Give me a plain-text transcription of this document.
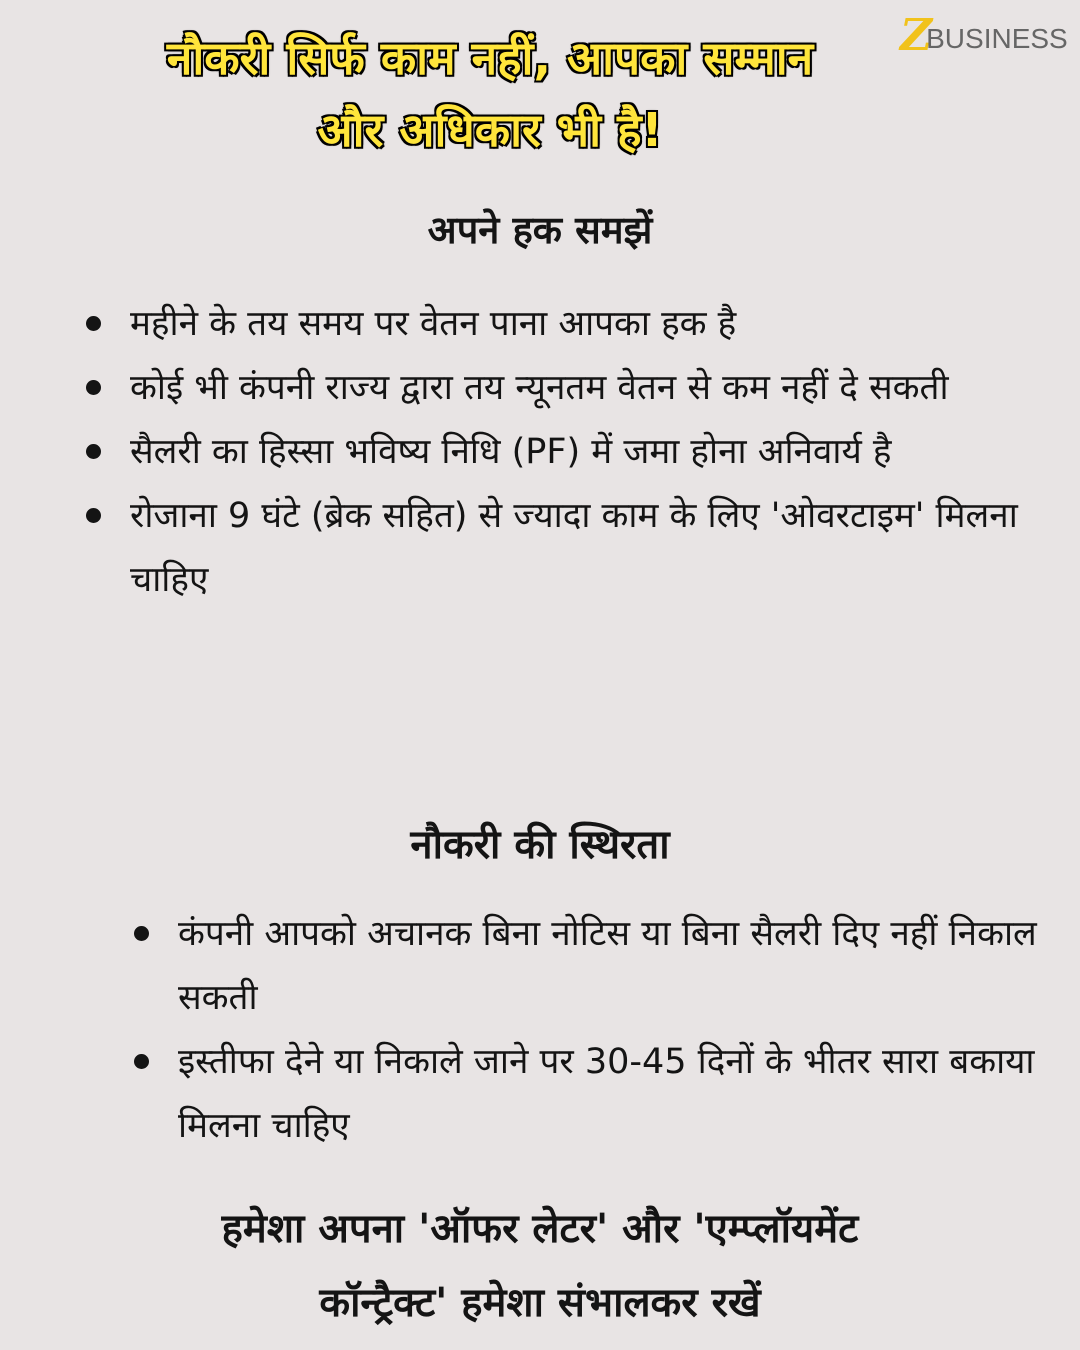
Z
BUSINESS
नौकरी सिर्फ काम नहीं, आपका सम्मान
और अधिकार भी है!
अपने हक समझें
महीने के तय समय पर वेतन पाना आपका हक है
कोई भी कंपनी राज्य द्वारा तय न्यूनतम वेतन से कम नहीं दे सकती
सैलरी का हिस्सा भविष्य निधि (PF) में जमा होना अनिवार्य है
रोजाना 9 घंटे (ब्रेक सहित) से ज्यादा काम के लिए 'ओवरटाइम' मिलना चाहिए
नौकरी की स्थिरता
कंपनी आपको अचानक बिना नोटिस या बिना सैलरी दिए नहीं निकाल सकती
इस्तीफा देने या निकाले जाने पर 30-45 दिनों के भीतर सारा बकाया मिलना चाहिए

हमेशा अपना 'ऑफर लेटर' और 'एम्प्लॉयमेंट
कॉन्ट्रैक्ट' हमेशा संभालकर रखें
